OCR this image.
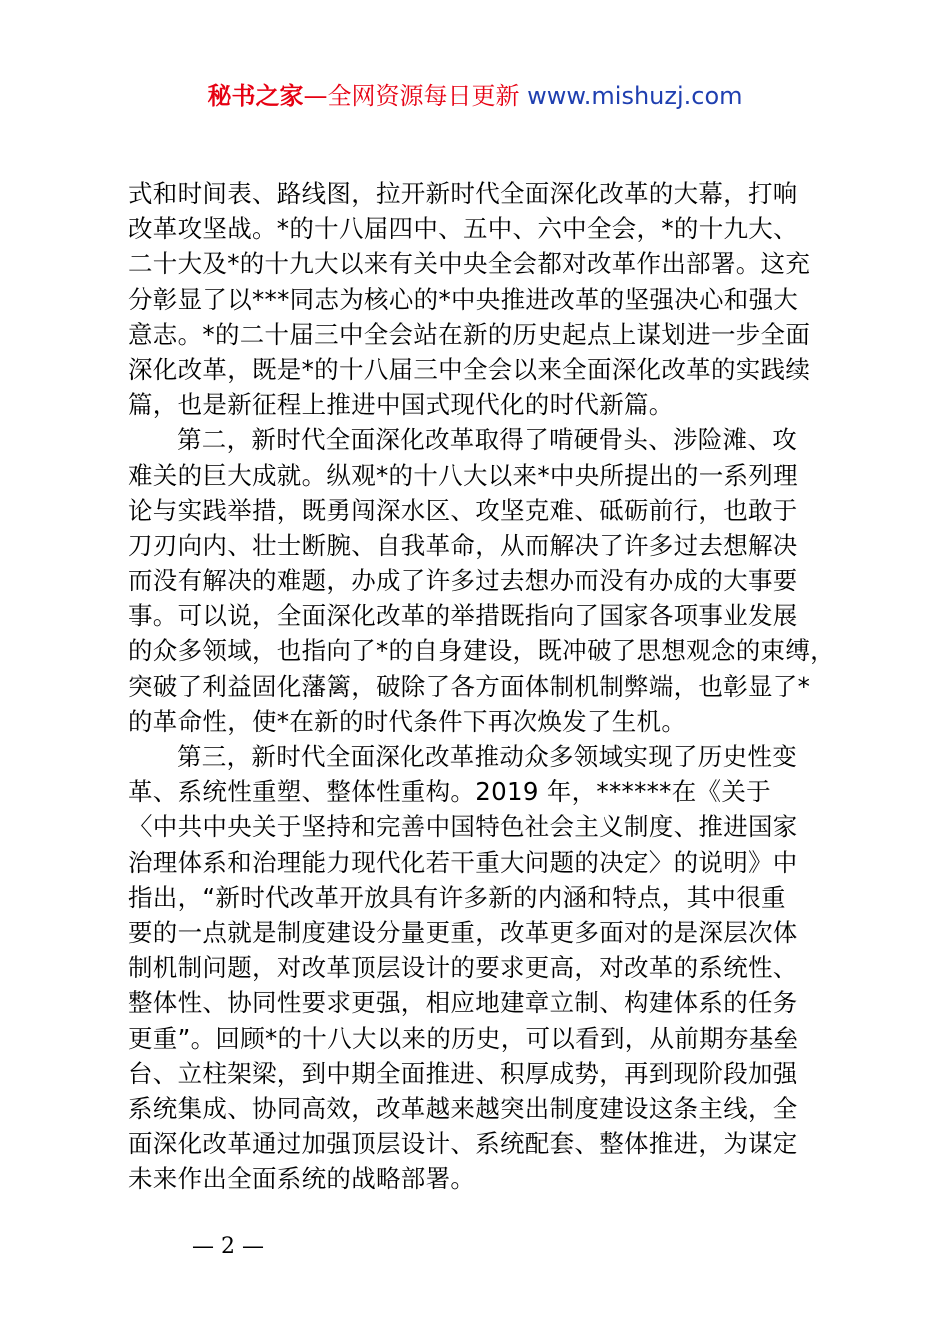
秘书之家—全网资源每日更新 www.mishuzj.com
式和时间表、路线图，拉开新时代全面深化改革的大幕，打响
改革攻坚战。*的十八届四中、五中、六中全会，*的十九大、
二十大及*的十九大以来有关中央全会都对改革作出部署。这充
分彰显了以***同志为核心的*中央推进改革的坚强决心和强大
意志。*的二十届三中全会站在新的历史起点上谋划进一步全面
深化改革，既是*的十八届三中全会以来全面深化改革的实践续
篇，也是新征程上推进中国式现代化的时代新篇。
第二，新时代全面深化改革取得了啃硬骨头、涉险滩、攻
难关的巨大成就。纵观*的十八大以来*中央所提出的一系列理
论与实践举措，既勇闯深水区、攻坚克难、砥砺前行，也敢于
刀刃向内、壮士断腕、自我革命，从而解决了许多过去想解决
而没有解决的难题，办成了许多过去想办而没有办成的大事要
事。可以说，全面深化改革的举措既指向了国家各项事业发展
的众多领域，也指向了*的自身建设，既冲破了思想观念的束缚，
突破了利益固化藩篱，破除了各方面体制机制弊端，也彰显了*
的革命性，使*在新的时代条件下再次焕发了生机。
第三，新时代全面深化改革推动众多领域实现了历史性变
革、系统性重塑、整体性重构。2019 年，******在《关于
〈中共中央关于坚持和完善中国特色社会主义制度、推进国家
治理体系和治理能力现代化若干重大问题的决定〉的说明》中
指出，“新时代改革开放具有许多新的内涵和特点，其中很重
要的一点就是制度建设分量更重，改革更多面对的是深层次体
制机制问题，对改革顶层设计的要求更高，对改革的系统性、
整体性、协同性要求更强，相应地建章立制、构建体系的任务
更重”。回顾*的十八大以来的历史，可以看到，从前期夯基垒
台、立柱架梁，到中期全面推进、积厚成势，再到现阶段加强
系统集成、协同高效，改革越来越突出制度建设这条主线，全
面深化改革通过加强顶层设计、系统配套、整体推进，为谋定
未来作出全面系统的战略部署。
— 2 —
